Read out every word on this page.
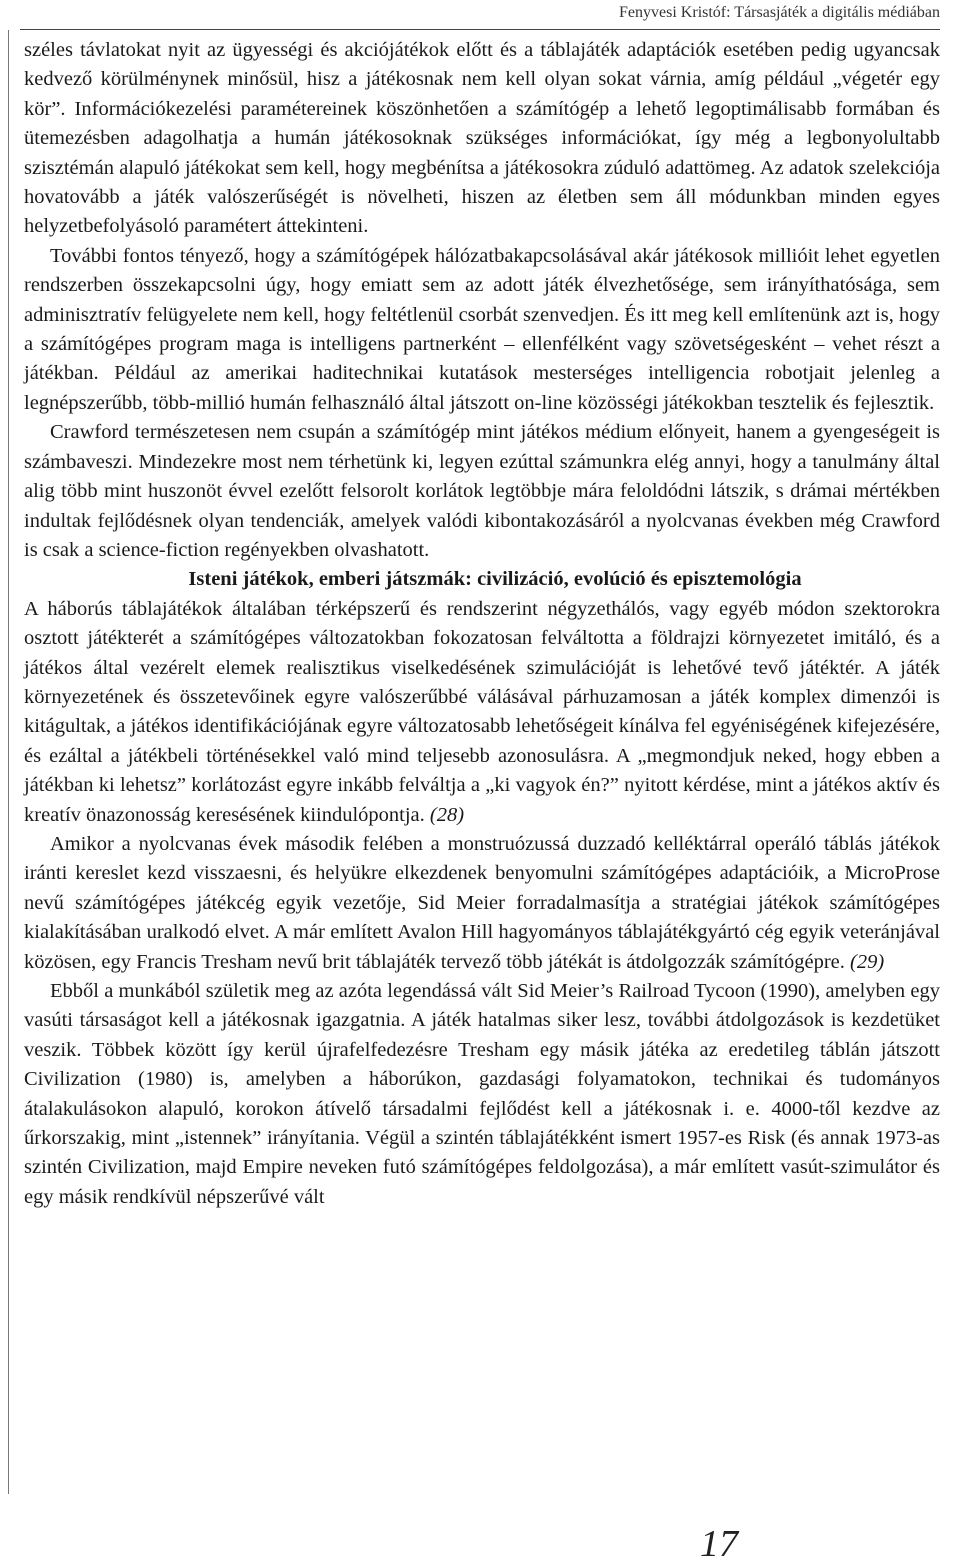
Fenyvesi Kristóf: Társasjáték a digitális médiában

széles távlatokat nyit az ügyességi és akciójátékok előtt és a táblajáték adaptációk esetében pedig ugyancsak kedvező körülménynek minősül, hisz a játékosnak nem kell olyan sokat várnia, amíg például „végetér egy kör”. Információkezelési paramétereinek köszönhetően a számítógép a lehető legoptimálisabb formában és ütemezésben adagolhatja a humán játékosoknak szükséges információkat, így még a legbonyolultabb szisztémán alapuló játékokat sem kell, hogy megbénítsa a játékosokra zúduló adattömeg. Az adatok szelekciója hovatovább a játék valószerűségét is növelheti, hiszen az életben sem áll módunkban minden egyes helyzetbefolyásoló paramétert áttekinteni.

További fontos tényező, hogy a számítógépek hálózatbakapcsolásával akár játékosok millióit lehet egyetlen rendszerben összekapcsolni úgy, hogy emiatt sem az adott játék élvezhetősége, sem irányíthatósága, sem adminisztratív felügyelete nem kell, hogy feltétlenül csorbát szenvedjen. És itt meg kell említenünk azt is, hogy a számítógépes program maga is intelligens partnerként – ellenfélként vagy szövetségesként – vehet részt a játékban. Például az amerikai haditechnikai kutatások mesterséges intelligencia robotjait jelenleg a legnépszerűbb, több-millió humán felhasználó által játszott on-line közösségi játékokban tesztelik és fejlesztik.

Crawford természetesen nem csupán a számítógép mint játékos médium előnyeit, hanem a gyengeségeit is számbaveszi. Mindezekre most nem térhetünk ki, legyen ezúttal számunkra elég annyi, hogy a tanulmány által alig több mint huszonöt évvel ezelőtt felsorolt korlátok legtöbbje mára feloldódni látszik, s drámai mértékben indultak fejlődésnek olyan tendenciák, amelyek valódi kibontakozásáról a nyolcvanas években még Crawford is csak a science-fiction regényekben olvashatott.

Isteni játékok, emberi játszmák: civilizáció, evolúció és episztemológia

A háborús táblajátékok általában térképszerű és rendszerint négyzethálós, vagy egyéb módon szektorokra osztott játékterét a számítógépes változatokban fokozatosan felváltotta a földrajzi környezetet imitáló, és a játékos által vezérelt elemek realisztikus viselkedésének szimulációját is lehetővé tevő játéktér. A játék környezetének és összetevőinek egyre valószerűbbé válásával párhuzamosan a játék komplex dimenzói is kitágultak, a játékos identifikációjának egyre változatosabb lehetőségeit kínálva fel egyéniségének kifejezésére, és ezáltal a játékbeli történésekkel való mind teljesebb azonosulásra. A „megmondjuk neked, hogy ebben a játékban ki lehetsz” korlátozást egyre inkább felváltja a „ki vagyok én?” nyitott kérdése, mint a játékos aktív és kreatív önazonosság keresésének kiindulópontja. (28)

Amikor a nyolcvanas évek második felében a monstruózussá duzzadó kelléktárral operáló táblás játékok iránti kereslet kezd visszaesni, és helyükre elkezdenek benyomulni számítógépes adaptációik, a MicroProse nevű számítógépes játékcég egyik vezetője, Sid Meier forradalmasítja a stratégiai játékok számítógépes kialakításában uralkodó elvet. A már említett Avalon Hill hagyományos táblajátékgyártó cég egyik veteránjával közösen, egy Francis Tresham nevű brit táblajáték tervező több játékát is átdolgozzák számítógépre. (29)

Ebből a munkából születik meg az azóta legendássá vált Sid Meier’s Railroad Tycoon (1990), amelyben egy vasúti társaságot kell a játékosnak igazgatnia. A játék hatalmas siker lesz, további átdolgozások is kezdetüket veszik. Többek között így kerül újrafelfedezésre Tresham egy másik játéka az eredetileg táblán játszott Civilization (1980) is, amelyben a háborúkon, gazdasági folyamatokon, technikai és tudományos átalakulásokon alapuló, korokon átívelő társadalmi fejlődést kell a játékosnak i. e. 4000-től kezdve az űrkorszakig, mint „istennek” irányítania. Végül a szintén táblajátékként ismert 1957-es Risk (és annak 1973-as szintén Civilization, majd Empire neveken futó számítógépes feldolgozása), a már említett vasút-szimulátor és egy másik rendkívül népszerűvé vált

17
